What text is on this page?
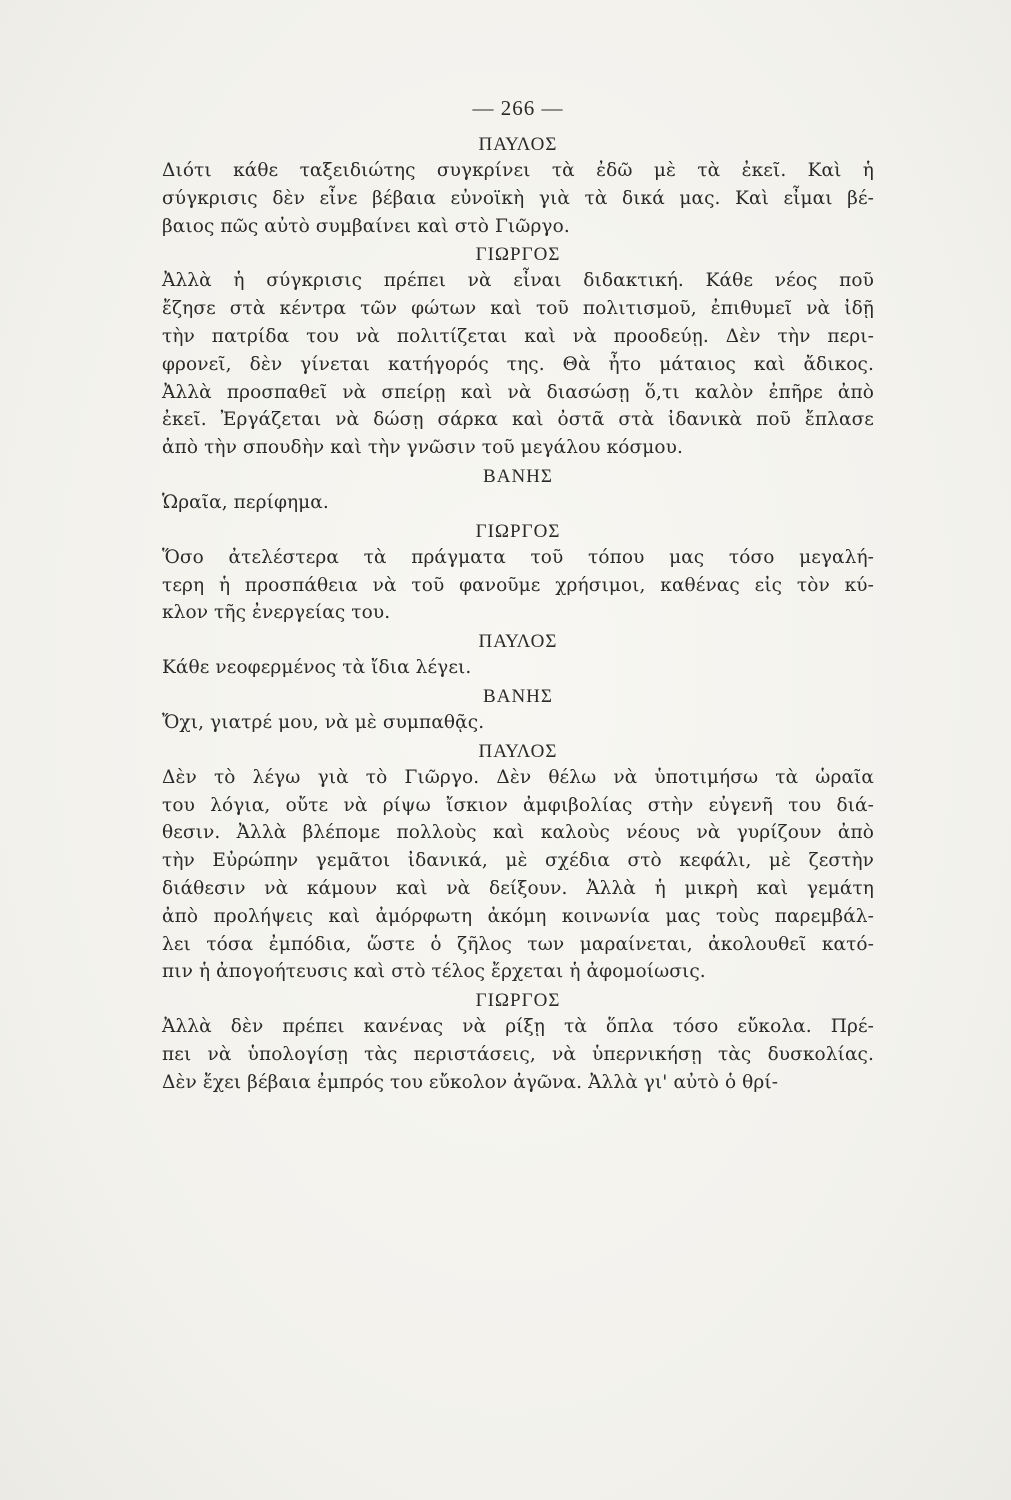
— 266 —
ΠΑΥΛΟΣ
Διότι κάθε ταξειδιώτης συγκρίνει τὰ ἐδῶ μὲ τὰ ἐκεῖ. Καὶ ἡ
σύγκρισις δὲν εἶνε βέβαια εὐνοϊκὴ γιὰ τὰ δικά μας. Καὶ εἶμαι βέ-
βαιος πῶς αὐτὸ συμβαίνει καὶ στὸ Γιῶργο.
ΓΙΩΡΓΟΣ
Ἀλλὰ ἡ σύγκρισις πρέπει νὰ εἶναι διδακτική. Κάθε νέος ποῦ
ἔζησε στὰ κέντρα τῶν φώτων καὶ τοῦ πολιτισμοῦ, ἐπιθυμεῖ νὰ ἰδῇ
τὴν πατρίδα του νὰ πολιτίζεται καὶ νὰ προοδεύῃ. Δὲν τὴν περι-
φρονεῖ, δὲν γίνεται κατήγορός της. Θὰ ἦτο μάταιος καὶ ἄδικος.
Ἀλλὰ προσπαθεῖ νὰ σπείρῃ καὶ νὰ διασώσῃ ὅ,τι καλὸν ἐπῆρε ἀπὸ
ἐκεῖ. Ἐργάζεται νὰ δώσῃ σάρκα καὶ ὀστᾶ στὰ ἰδανικὰ ποῦ ἔπλασε
ἀπὸ τὴν σπουδὴν καὶ τὴν γνῶσιν τοῦ μεγάλου κόσμου.
ΒΑΝΗΣ
Ὡραῖα, περίφημα.
ΓΙΩΡΓΟΣ
Ὅσο ἀτελέστερα τὰ πράγματα τοῦ τόπου μας τόσο μεγαλή-
τερη ἡ προσπάθεια νὰ τοῦ φανοῦμε χρήσιμοι, καθένας εἰς τὸν κύ-
κλον τῆς ἐνεργείας του.
ΠΑΥΛΟΣ
Κάθε νεοφερμένος τὰ ἴδια λέγει.
ΒΑΝΗΣ
Ὄχι, γιατρέ μου, νὰ μὲ συμπαθᾷς.
ΠΑΥΛΟΣ
Δὲν τὸ λέγω γιὰ τὸ Γιῶργο. Δὲν θέλω νὰ ὑποτιμήσω τὰ ὡραῖα
του λόγια, οὔτε νὰ ρίψω ἴσκιον ἀμφιβολίας στὴν εὐγενῆ του διά-
θεσιν. Ἀλλὰ βλέπομε πολλοὺς καὶ καλοὺς νέους νὰ γυρίζουν ἀπὸ
τὴν Εὐρώπην γεμᾶτοι ἰδανικά, μὲ σχέδια στὸ κεφάλι, μὲ ζεστὴν
διάθεσιν νὰ κάμουν καὶ νὰ δείξουν. Ἀλλὰ ἡ μικρὴ καὶ γεμάτη
ἀπὸ προλήψεις καὶ ἀμόρφωτη ἀκόμη κοινωνία μας τοὺς παρεμβάλ-
λει τόσα ἐμπόδια, ὥστε ὁ ζῆλος των μαραίνεται, ἀκολουθεῖ κατό-
πιν ἡ ἀπογοήτευσις καὶ στὸ τέλος ἔρχεται ἡ ἀφομοίωσις.
ΓΙΩΡΓΟΣ
Ἀλλὰ δὲν πρέπει κανένας νὰ ρίξῃ τὰ ὅπλα τόσο εὔκολα. Πρέ-
πει νὰ ὑπολογίσῃ τὰς περιστάσεις, νὰ ὑπερνικήσῃ τὰς δυσκολίας.
Δὲν ἔχει βέβαια ἐμπρός του εὔκολον ἀγῶνα. Ἀλλὰ γι' αὐτὸ ὁ θρί-
